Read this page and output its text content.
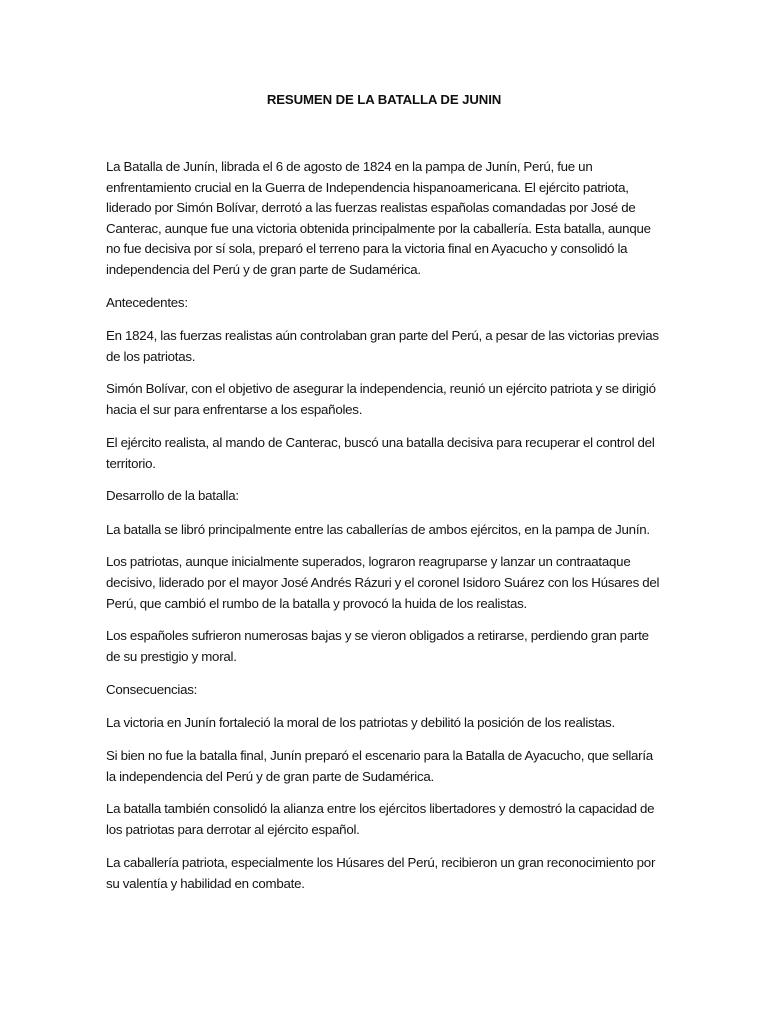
RESUMEN DE LA BATALLA DE JUNIN

La Batalla de Junín, librada el 6 de agosto de 1824 en la pampa de Junín, Perú, fue un enfrentamiento crucial en la Guerra de Independencia hispanoamericana. El ejército patriota, liderado por Simón Bolívar, derrotó a las fuerzas realistas españolas comandadas por José de Canterac, aunque fue una victoria obtenida principalmente por la caballería. Esta batalla, aunque no fue decisiva por sí sola, preparó el terreno para la victoria final en Ayacucho y consolidó la independencia del Perú y de gran parte de Sudamérica.

Antecedentes:

En 1824, las fuerzas realistas aún controlaban gran parte del Perú, a pesar de las victorias previas de los patriotas.

Simón Bolívar, con el objetivo de asegurar la independencia, reunió un ejército patriota y se dirigió hacia el sur para enfrentarse a los españoles.

El ejército realista, al mando de Canterac, buscó una batalla decisiva para recuperar el control del territorio.

Desarrollo de la batalla:

La batalla se libró principalmente entre las caballerías de ambos ejércitos, en la pampa de Junín.

Los patriotas, aunque inicialmente superados, lograron reagruparse y lanzar un contraataque decisivo, liderado por el mayor José Andrés Rázuri y el coronel Isidoro Suárez con los Húsares del Perú, que cambió el rumbo de la batalla y provocó la huida de los realistas.

Los españoles sufrieron numerosas bajas y se vieron obligados a retirarse, perdiendo gran parte de su prestigio y moral.

Consecuencias:

La victoria en Junín fortaleció la moral de los patriotas y debilitó la posición de los realistas.

Si bien no fue la batalla final, Junín preparó el escenario para la Batalla de Ayacucho, que sellaría la independencia del Perú y de gran parte de Sudamérica.

La batalla también consolidó la alianza entre los ejércitos libertadores y demostró la capacidad de los patriotas para derrotar al ejército español.

La caballería patriota, especialmente los Húsares del Perú, recibieron un gran reconocimiento por su valentía y habilidad en combate.
